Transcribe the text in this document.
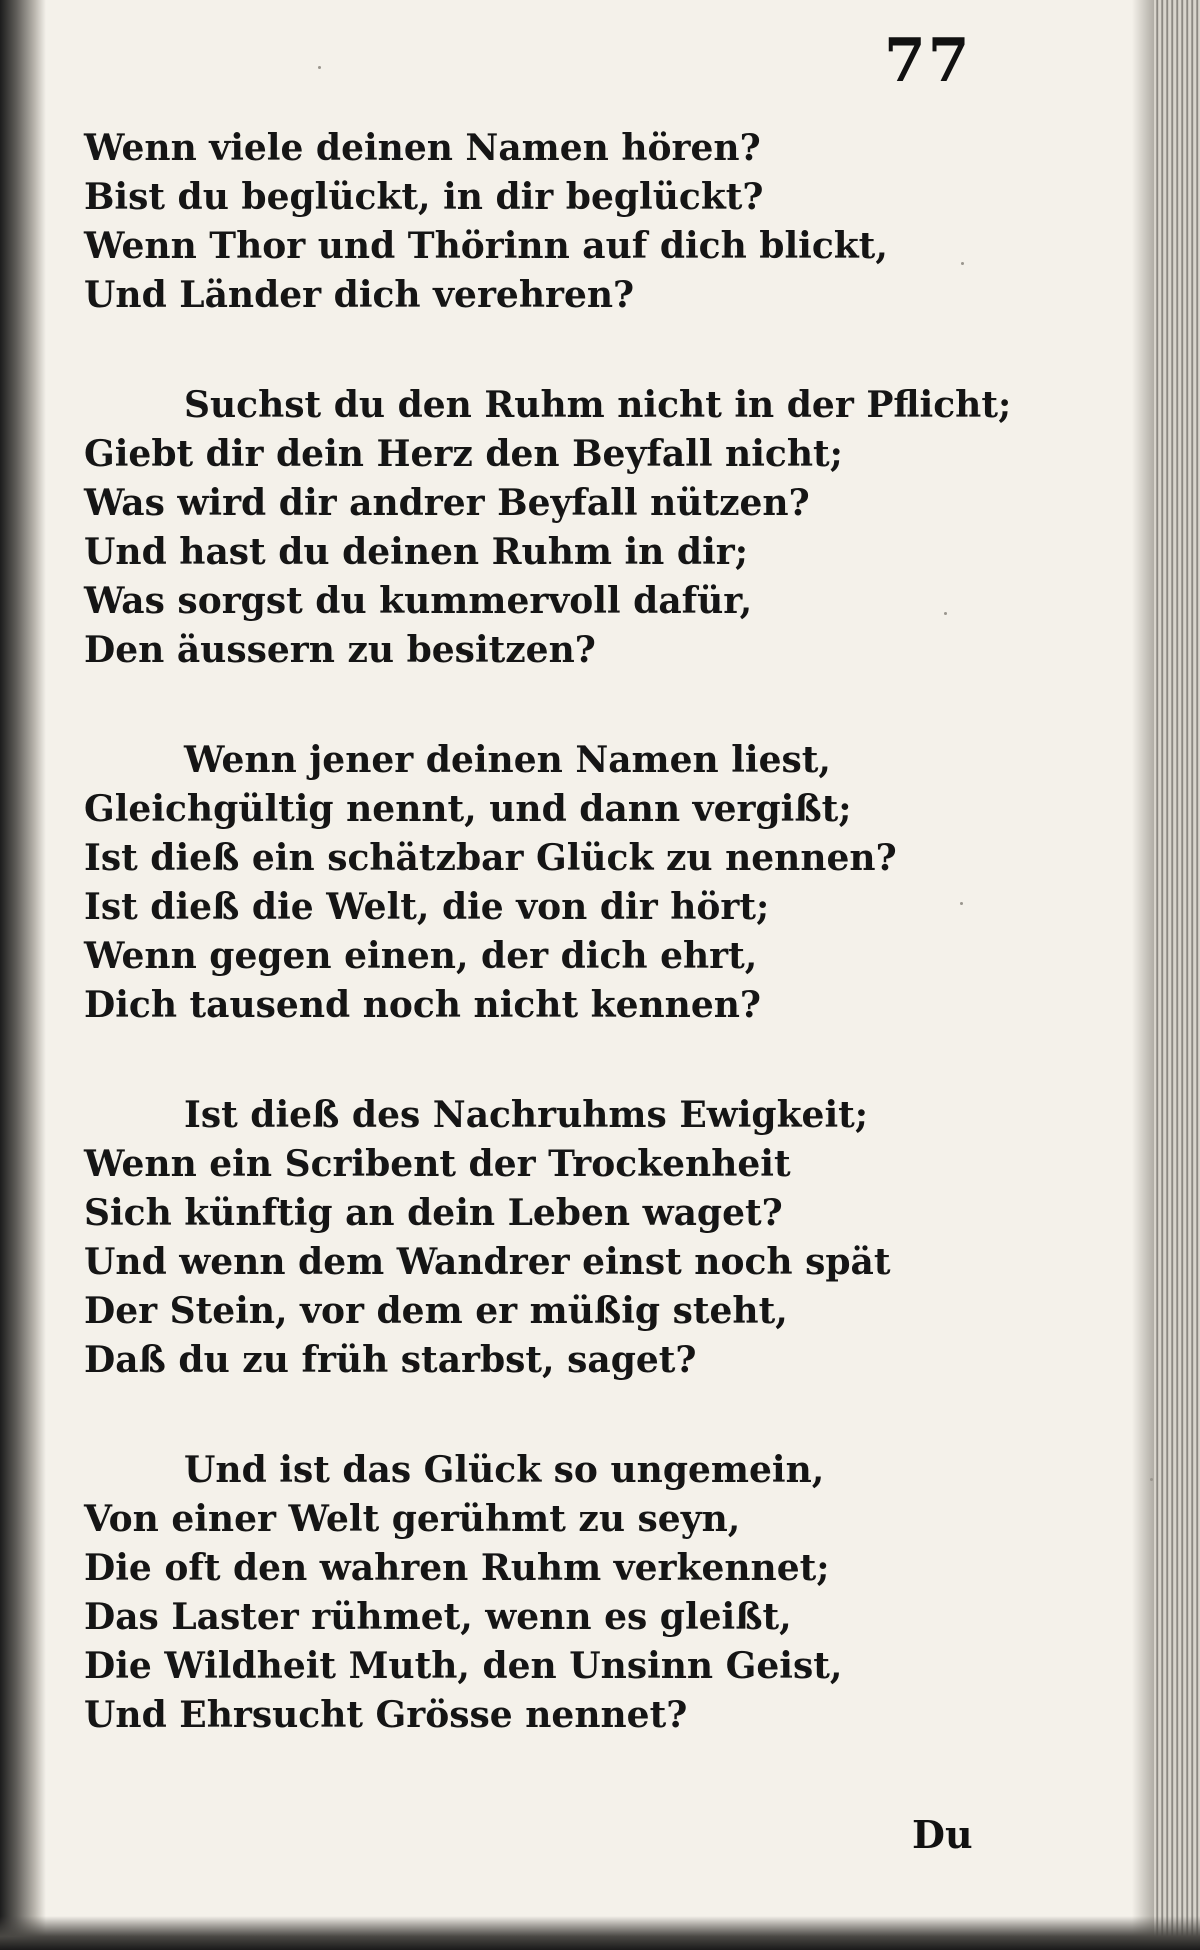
77
Wenn viele deinen Namen hören?
Bist du beglückt, in dir beglückt?
Wenn Thor und Thörinn auf dich blickt,
Und Länder dich verehren?
Suchst du den Ruhm nicht in der Pflicht;
Giebt dir dein Herz den Beyfall nicht;
Was wird dir andrer Beyfall nützen?
Und hast du deinen Ruhm in dir;
Was sorgst du kummervoll dafür,
Den äussern zu besitzen?
Wenn jener deinen Namen liest,
Gleichgültig nennt, und dann vergißt;
Ist dieß ein schätzbar Glück zu nennen?
Ist dieß die Welt, die von dir hört;
Wenn gegen einen, der dich ehrt,
Dich tausend noch nicht kennen?
Ist dieß des Nachruhms Ewigkeit;
Wenn ein Scribent der Trockenheit
Sich künftig an dein Leben waget?
Und wenn dem Wandrer einst noch spät
Der Stein, vor dem er müßig steht,
Daß du zu früh starbst, saget?
Und ist das Glück so ungemein,
Von einer Welt gerühmt zu seyn,
Die oft den wahren Ruhm verkennet;
Das Laster rühmet, wenn es gleißt,
Die Wildheit Muth, den Unsinn Geist,
Und Ehrsucht Grösse nennet?
Du
